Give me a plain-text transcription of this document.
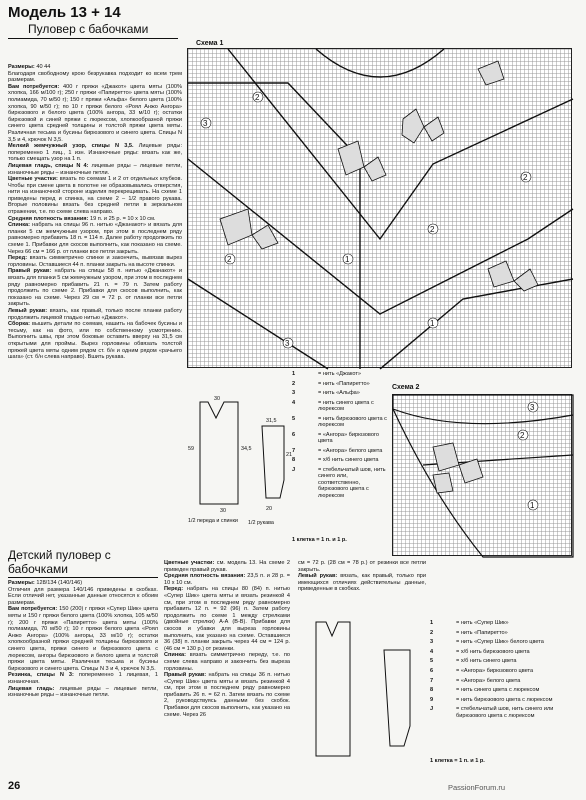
Модель 13 + 14
Пуловер с бабочками
Размеры: 40 44
Благодаря свободному крою безрукавка подходит ко всем трем размерам.
Вам потребуется: 400 г пряжи «Джакот» цвета мяты (100% хлопка, 166 м/100 г); 250 г пряжи «Папиретто» цвета мяты (100% полиамида, 70 м/50 г); 150 г пряжи «Альфа» белого цвета (100% хлопка, 90 м/50 г); по 10 г пряжи белого «Роял Анжо Ангора» бирюзового и белого цвета (100% ангора, 33 м/10 г); остатки бирюзовой и синей пряжи с люрексом, хлопкообразной пряжи синего цвета средней толщины и толстой пряжи цвета мяты. Различная тесьма и бусины бирюзового и синего цвета. Спицы N 3,5 и 4, крючок N 3,5.
Мелкий жемчужный узор, спицы N 3,5. Лицевые ряды: попеременно 1 лиц., 1 изн. Изнаночные ряды: вязать как же, только смещать узор на 1 п.
Лицевая гладь, спицы N 4: лицевые ряды – лицевые петли, изнаночные ряды – изнаночные петли.
Цветные участки: вязать по схемам 1 и 2 от отдельных клубков. Чтобы при смене цвета в полотне не образовывались отверстия, нити на изнаночной стороне изделия перекрещивать. На схеме 1 приведены перед и спинка, на схеме 2 – 1/2 правого рукава. Вторые половины вязать без средней петли в зеркальном отражении, т.е. по схеме слева направо.
Средняя плотность вязания: 19 п. и 25 р. = 10 х 10 см.
Спинка: набрать на спицы 96 п. нитью «Джанакот» и вязать для планки 5 см жемчужным узором, при этом в последнем ряду равномерно прибавить 18 п. = 114 п. Далее работу продолжить по схеме 1. Прибавки для скосов выполнить, как показано на схеме. Через 66 см = 166 р. от планки все петли закрыть.
Перед: вязать симметрично спинке и закончить, вывязав вырез горловины. Оставшиеся 44 п. планки закрыть на высоте спинки.
Правый рукав: набрать на спицы 58 п. нитью «Джанакот» и вязать для планки 5 см жемчужным узором, при этом в последнем ряду равномерно прибавить 21 п. = 79 п. Затем работу продолжить по схеме 2. Прибавки для скосов выполнить, как показано на схеме. Через 29 см = 72 р. от планки все петли закрыть.
Левый рукав: вязать, как правый, только после планки работу продолжить лицевой гладью нитью «Джакот».
Сборка: вышить детали по схемам, нашить на бабочек бусины и тесьму, как на фото, или по собственному усмотрению. Выполнить швы, при этом боковые оставить вверху на 31,5 см открытыми для проймы. Вырез горловины обвязать толстой пряжей цвета мяты одним рядом ст. б/н и одним рядом «рачьего шага» (ст. б/н слева направо). Вшить рукава.
Схема 1
2
3
1
2
2
1
3
2
1	= нить «Джакот»
2	= нить «Папиретто»
3	= нить «Альфа»
4	= нить синего цвета с люрексом
5	= нить бирюзового цвета с люрексом
6	= «Ангора» бирюзового цвета
7	= «Ангора» белого цвета
8	= х/б нить синего цвета
J	= стебельчатый шов, нить синего или, соответственно, бирюзового цвета с люрексом
1 клетка = 1 п. и 1 р.
Схема 2
3
2
1
30
59	34,5
30
31,5
21
20
1/2 переда и спинки 1/2 рукава
Детский пуловер с бабочками
Размеры: 128/134 (140/146)
Отличия для размера 140/146 приведены в скобках. Если отличий нет, указанные данные относятся к обоим размерам.
Вам потребуется: 150 (200) г пряжи «Супер Шик» цвета мяты и 150 г пряжи белого цвета (100% хлопка, 105 м/50 г); 200 г пряжи «Папиретто» цвета мяты (100% полиамида, 70 м/50 г); 10 г пряжи белого цвета «Роял Анжо Ангора» (100% ангоры, 33 м/10 г); остатки хлопкообразной пряжи средней толщины бирюзового и синего цвета, пряжи синего и бирюзового цвета с люрексом, ангоры бирюзового и белого цвета и толстой пряжи цвета мяты. Различная тесьма и бусины бирюзового и синего цвета. Спицы N 3 и 4, крючок N 3,5.
Резинка, спицы N 3: попеременно 1 лицевая, 1 изнаночная.
Лицевая гладь: лицевые ряды – лицевые петли, изнаночные ряды – изнаночные петли.
Цветные участки: см. модель 13. На схеме 2 приведен правый рукав.
Средняя плотность вязания: 23,5 п. и 28 р. = 10 х 10 см.
Перед: набрать на спицы 80 (84) п. нитью «Супер Шик» цвета мяты и вязать резинкой 4 см, при этом в последнем ряду равномерно прибавить 12 п. = 92 (96) п. Затем работу продолжить по схеме 1 между стрелками (двойные стрелки) A-A (B-B). Прибавки для скосов и убавки для выреза горловины выполнить, как указано на схеме. Оставшиеся 36 (38) п. планки закрыть через 44 см = 124 р. (46 см = 130 р.) от резинки.
Спинка: вязать симметрично переду, т.е. по схеме слева направо и закончить без выреза горловины.
Правый рукав: набрать на спицы 36 п. нитью «Супер Шик» цвета мяты и вязать резинкой 4 см, при этом в последнем ряду равномерно прибавить 26 п. = 62 п. Затем вязать по схеме 2, руководствуясь данными без скобок. Прибавки для скосов выполнить, как указано на схеме. Через 26
см = 72 р. (28 см = 78 р.) от резинки все петли закрыть.
Левый рукав: вязать, как правый, только при имеющихся отличиях действительны данные, приведенные в скобках.
1	= нить «Супер Шик»
2	= нить «Папиретто»
3	= нить «Супер Шик» белого цвета
4	= х/б нить бирюзового цвета
5	= х/б нить синего цвета
6	= «Ангора» бирюзового цвета
7	= «Ангора» белого цвета
8	= нить синего цвета с люрексом
9	= нить бирюзового цвета с люрексом
J	= стебельчатый шов, нить синего или бирюзового цвета с люрексом
1 клетка = 1 п. и 1 р.
26	PassionForum.ru
